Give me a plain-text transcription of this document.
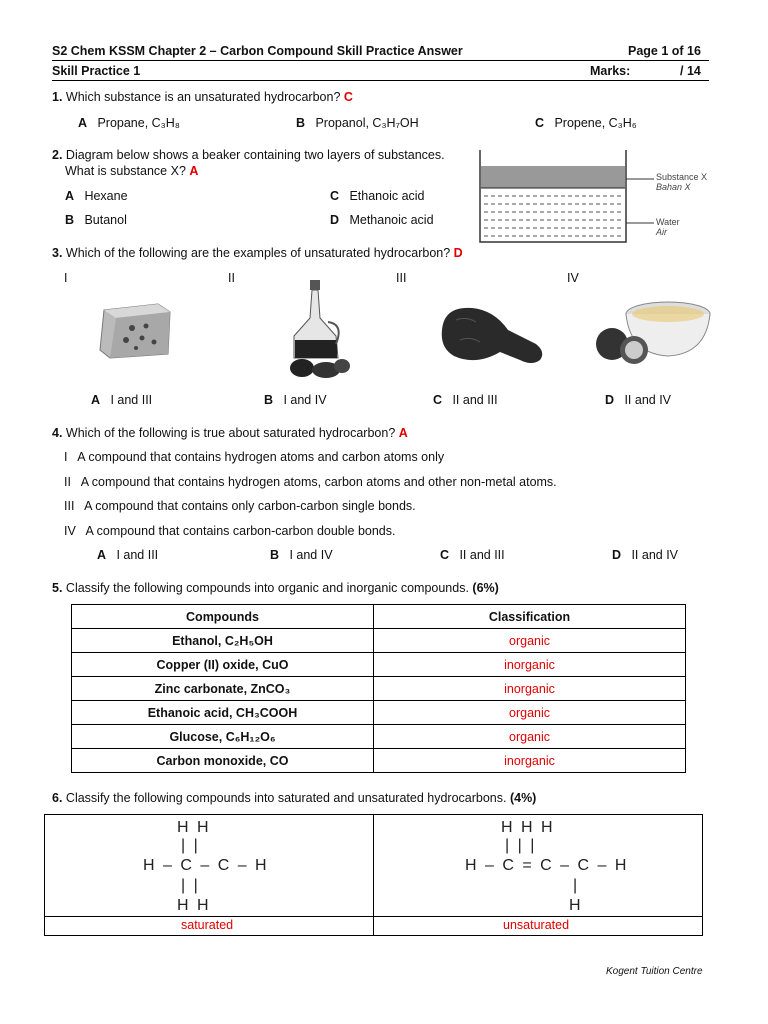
S2 Chem KSSM Chapter 2 – Carbon Compound Skill Practice Answer	Page 1 of 16
Skill Practice 1	Marks:	/ 14
1. Which substance is an unsaturated hydrocarbon? C
A Propane, C₃H₈	B Propanol, C₃H₇OH	C Propene, C₃H₆
2. Diagram below shows a beaker containing two layers of substances.
What is substance X? A
A Hexane
B Butanol
C Ethanoic acid
D Methanoic acid
Substance X
Bahan X
Water
Air
3. Which of the following are the examples of unsaturated hydrocarbon? D
I	II	III	IV
A I and III	B I and IV	C II and III	D II and IV
4. Which of the following is true about saturated hydrocarbon? A
I A compound that contains hydrogen atoms and carbon atoms only
II A compound that contains hydrogen atoms, carbon atoms and other non-metal atoms.
III A compound that contains only carbon-carbon single bonds.
IV A compound that contains carbon-carbon double bonds.
A I and III	B I and IV	C II and III	D II and IV
5. Classify the following compounds into organic and inorganic compounds. (6%)
Compounds	Classification
Ethanol, C₂H₅OH	organic
Copper (II) oxide, CuO	inorganic
Zinc carbonate, ZnCO₃	inorganic
Ethanoic acid, CH₃COOH	organic
Glucose, C₆H₁₂O₆	organic
Carbon monoxide, CO	inorganic
6. Classify the following compounds into saturated and unsaturated hydrocarbons. (4%)
H H
| |
H – C – C – H
| |
H H
saturated
H H H
| | |
H – C = C – C – H
|
H
unsaturated
Kogent Tuition Centre
